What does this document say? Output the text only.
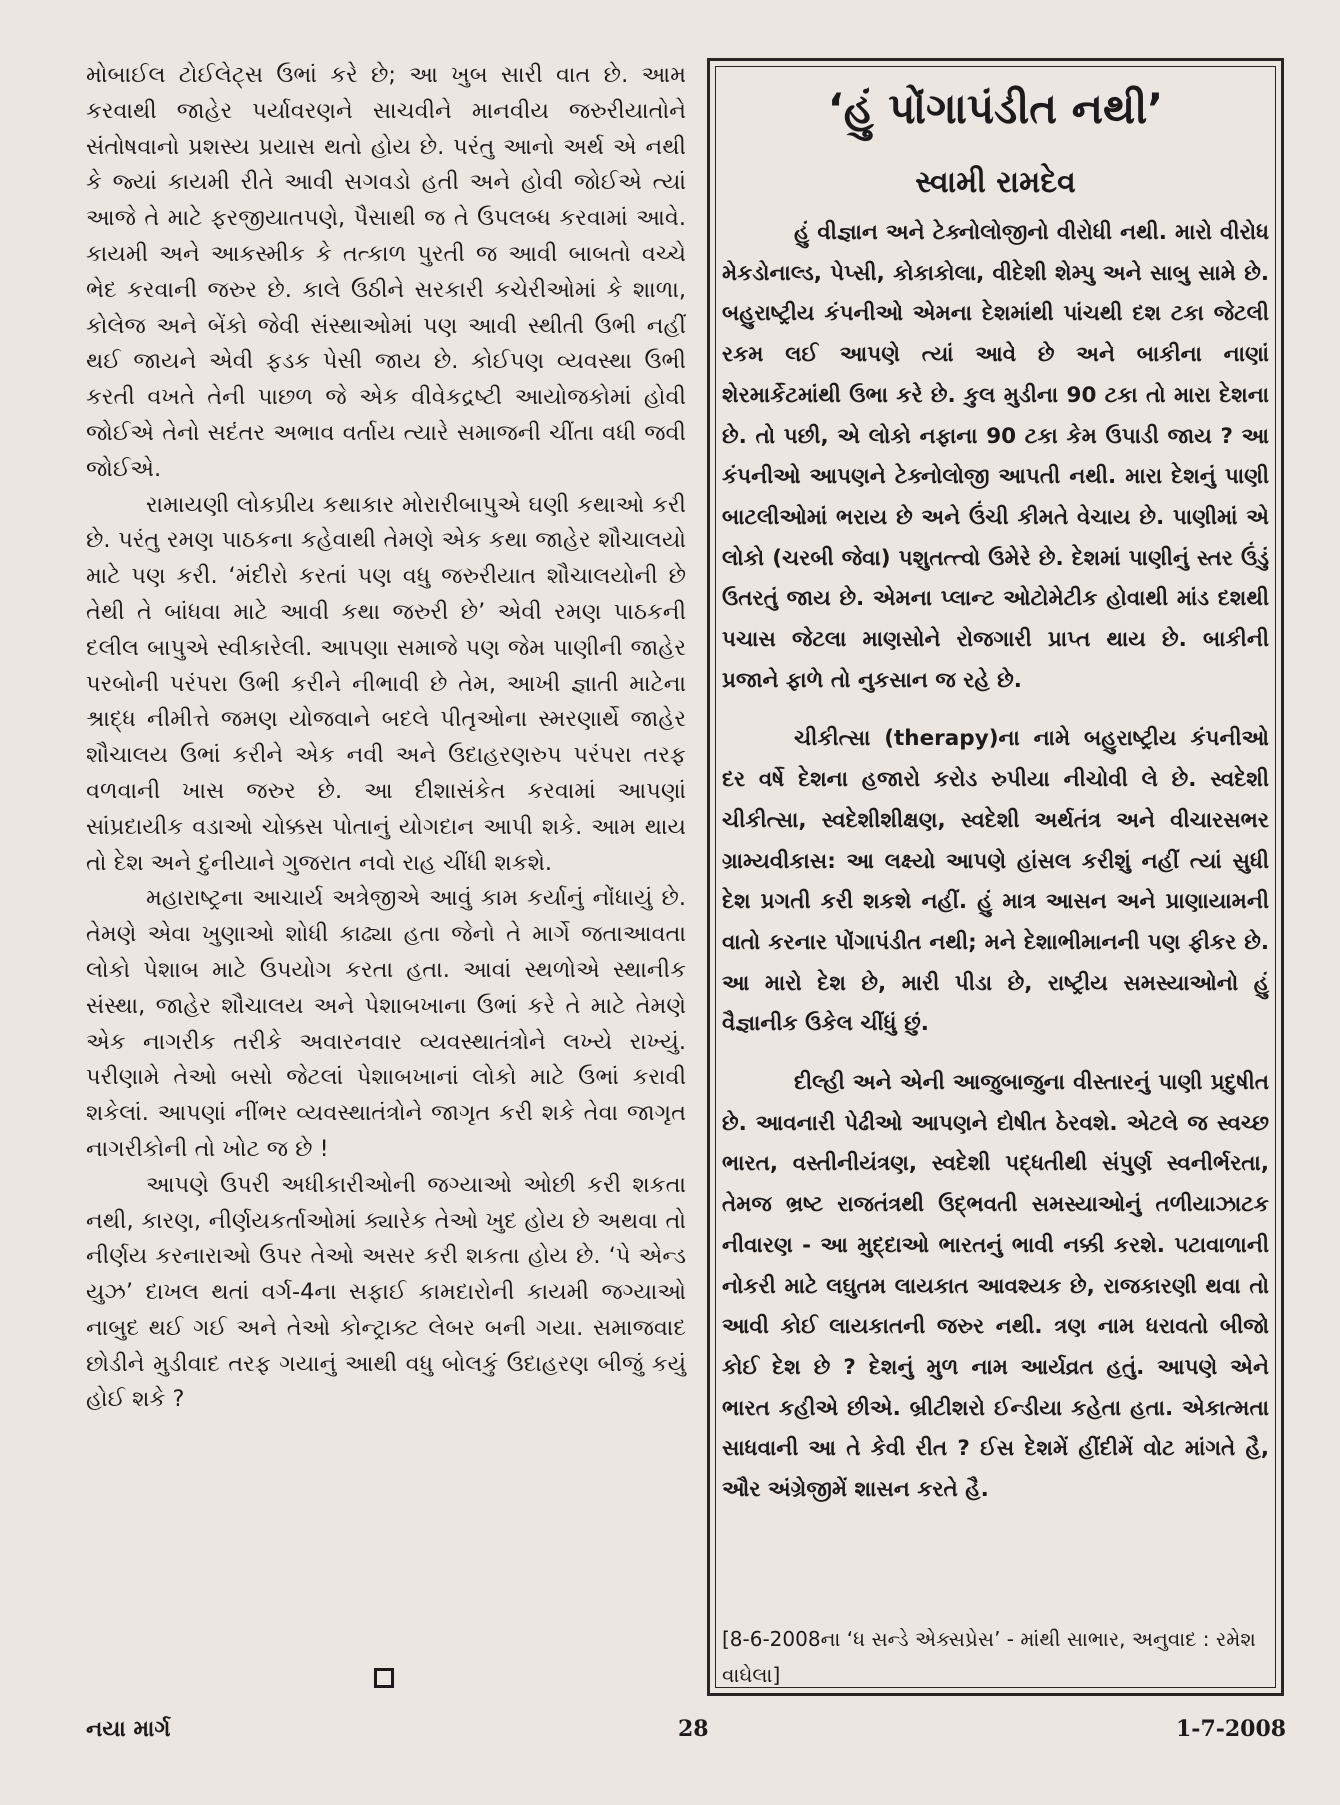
મોબાઈલ ટોઈલેટ્સ ઉભાં કરે છે; આ ખુબ સારી વાત છે. આમ કરવાથી જાહેર પર્યાવરણને સાચવીને માનવીય જરુરીયાતોને સંતોષવાનો પ્રશસ્ય પ્રયાસ થતો હોય છે. પરંતુ આનો અર્થ એ નથી કે જ્યાં કાયમી રીતે આવી સગવડો હતી અને હોવી જોઈએ ત્યાં આજે તે માટે ફરજીયાતપણે, પૈસાથી જ તે ઉપલબ્ધ કરવામાં આવે. કાયમી અને આકસ્મીક કે તત્કાળ પુરતી જ આવી બાબતો વચ્ચે ભેદ કરવાની જરુર છે. કાલે ઉઠીને સરકારી કચેરીઓમાં કે શાળા, કોલેજ અને બેંકો જેવી સંસ્થાઓમાં પણ આવી સ્થીતી ઉભી નહીં થઈ જાયને એવી ફડક પેસી જાય છે. કોઈપણ વ્યવસ્થા ઉભી કરતી વખતે તેની પાછળ જે એક વીવેકદ્રષ્ટી આયોજકોમાં હોવી જોઈએ તેનો સદંતર અભાવ વર્તાય ત્યારે સમાજની ચીંતા વધી જવી જોઈએ.

રામાયણી લોકપ્રીય કથાકાર મોરારીબાપુએ ઘણી કથાઓ કરી છે. પરંતુ રમણ પાઠકના કહેવાથી તેમણે એક કથા જાહેર શૌચાલયો માટે પણ કરી. ‘મંદીરો કરતાં પણ વધુ જરુરીયાત શૌચાલયોની છે તેથી તે બાંધવા માટે આવી કથા જરુરી છે’ એવી રમણ પાઠકની દલીલ બાપુએ સ્વીકારેલી. આપણા સમાજે પણ જેમ પાણીની જાહેર પરબોની પરંપરા ઉભી કરીને નીભાવી છે તેમ, આખી જ્ઞાતી માટેના શ્રાદ્ધ નીમીત્તે જમણ યોજવાને બદલે પીતૃઓના સ્મરણાર્થે જાહેર શૌચાલય ઉભાં કરીને એક નવી અને ઉદાહરણરુપ પરંપરા તરફ વળવાની ખાસ જરુર છે. આ દીશાસંકેત કરવામાં આપણાં સાંપ્રદાયીક વડાઓ ચોક્કસ પોતાનું યોગદાન આપી શકે. આમ થાય તો દેશ અને દુનીયાને ગુજરાત નવો રાહ ચીંધી શકશે.

મહારાષ્ટ્રના આચાર્ય અત્રેજીએ આવું કામ કર્યાનું નોંધાયું છે. તેમણે એવા ખુણાઓ શોધી કાઢ્યા હતા જેનો તે માર્ગે જતાઆવતા લોકો પેશાબ માટે ઉપયોગ કરતા હતા. આવાં સ્થળોએ સ્થાનીક સંસ્થા, જાહેર શૌચાલય અને પેશાબખાના ઉભાં કરે તે માટે તેમણે એક નાગરીક તરીકે અવારનવાર વ્યવસ્થાતંત્રોને લખ્યે રાખ્યું. પરીણામે તેઓ બસો જેટલાં પેશાબખાનાં લોકો માટે ઉભાં કરાવી શકેલાં. આપણાં નીંભર વ્યવસ્થાતંત્રોને જાગૃત કરી શકે તેવા જાગૃત નાગરીકોની તો ખોટ જ છે !

આપણે ઉપરી અધીકારીઓની જગ્યાઓ ઓછી કરી શકતા નથી, કારણ, નીર્ણયકર્તાઓમાં ક્યારેક તેઓ ખુદ હોય છે અથવા તો નીર્ણય કરનારાઓ ઉપર તેઓ અસર કરી શકતા હોય છે. ‘પે એન્ડ યુઝ’ દાખલ થતાં વર્ગ-4ના સફાઈ કામદારોની કાયમી જગ્યાઓ નાબુદ થઈ ગઈ અને તેઓ કોન્ટ્રાક્ટ લેબર બની ગયા. સમાજવાદ છોડીને મુડીવાદ તરફ ગયાનું આથી વધુ બોલકું ઉદાહરણ બીજું કયું હોઈ શકે ?

‘હું પોંગાપંડીત નથી’
સ્વામી રામદેવ

હું વીજ્ઞાન અને ટેક્નોલોજીનો વીરોધી નથી. મારો વીરોધ મેકડોનાલ્ડ, પેપ્સી, કોકાકોલા, વીદેશી શેમ્પુ અને સાબુ સામે છે. બહુરાષ્ટ્રીય કંપનીઓ એમના દેશમાંથી પાંચથી દશ ટકા જેટલી રકમ લઈ આપણે ત્યાં આવે છે અને બાકીના નાણાં શેરમાર્કેટમાંથી ઉભા કરે છે. કુલ મુડીના 90 ટકા તો મારા દેશના છે. તો પછી, એ લોકો નફાના 90 ટકા કેમ ઉપાડી જાય ? આ કંપનીઓ આપણને ટેક્નોલોજી આપતી નથી. મારા દેશનું પાણી બાટલીઓમાં ભરાય છે અને ઉંચી કીમતે વેચાય છે. પાણીમાં એ લોકો (ચરબી જેવા) પશુતત્ત્વો ઉમેરે છે. દેશમાં પાણીનું સ્તર ઉંડું ઉતરતું જાય છે. એમના પ્લાન્ટ ઓટોમેટીક હોવાથી માંડ દશથી પચાસ જેટલા માણસોને રોજગારી પ્રાપ્ત થાય છે. બાકીની પ્રજાને ફાળે તો નુકસાન જ રહે છે.

ચીકીત્સા (therapy)ના નામે બહુરાષ્ટ્રીય કંપનીઓ દર વર્ષે દેશના હજારો કરોડ રુપીયા નીચોવી લે છે. સ્વદેશી ચીકીત્સા, સ્વદેશીશીક્ષણ, સ્વદેશી અર્થતંત્ર અને વીચારસભર ગ્રામ્યવીકાસ: આ લક્ષ્યો આપણે હાંસલ કરીશું નહીં ત્યાં સુધી દેશ પ્રગતી કરી શકશે નહીં. હું માત્ર આસન અને પ્રાણાયામની વાતો કરનાર પોંગાપંડીત નથી; મને દેશાભીમાનની પણ ફીકર છે. આ મારો દેશ છે, મારી પીડા છે, રાષ્ટ્રીય સમસ્યાઓનો હું વૈજ્ઞાનીક ઉકેલ ચીંધું છું.

દીલ્હી અને એની આજુબાજુના વીસ્તારનું પાણી પ્રદુષીત છે. આવનારી પેઢીઓ આપણને દોષીત ઠેરવશે. એટલે જ સ્વચ્છ ભારત, વસ્તીનીયંત્રણ, સ્વદેશી પદ્ધતીથી સંપુર્ણ સ્વનીર્ભરતા, તેમજ ભ્રષ્ટ રાજતંત્રથી ઉદ્ભવતી સમસ્યાઓનું તળીયાઝાટક નીવારણ - આ મુદ્દાઓ ભારતનું ભાવી નક્કી કરશે. પટાવાળાની નોકરી માટે લઘુતમ લાયકાત આવશ્યક છે, રાજકારણી થવા તો આવી કોઈ લાયકાતની જરુર નથી. ત્રણ નામ ધરાવતો બીજો કોઈ દેશ છે ? દેશનું મુળ નામ આર્યવ્રત હતું. આપણે એને ભારત કહીએ છીએ. બ્રીટીશરો ઈન્ડીયા કહેતા હતા. એકાત્મતા સાધવાની આ તે કેવી રીત ? ઈસ દેશમેં હીંદીમેં વોટ માંગતે હૈ, ઔર અંગ્રેજીમેં શાસન કરતે હૈ.

[8-6-2008ના ‘ધ સન્ડે એક્સપ્રેસ’ - માંથી સાભાર, અનુવાદ : રમેશ વાઘેલા]
નયા માર્ગ	28	1-7-2008
